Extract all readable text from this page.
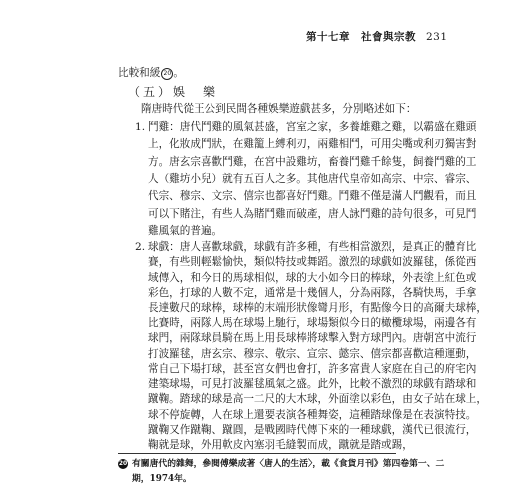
第十七章　社會與宗教 231
比較和緩 20 。
（五）娛　樂
隋唐時代從王公到民間各種娛樂遊戲甚多，分別略述如下：
1. 鬥雞：唐代鬥雞的風氣甚盛，宮室之家，多養雄雞之雞，以霸盛在雞頭
上，化妝成鬥狀，在雞籠上縛利刃，兩雞相鬥，可用尖嘴或利刃獨害對
方。唐玄宗喜歡鬥雞，在宮中設雞坊，畜養鬥雞千餘隻，飼養鬥雞的工
人（雞坊小兒）就有五百人之多。其他唐代皇帝如高宗、中宗、睿宗、
代宗、穆宗、文宗、僖宗也都喜好鬥雞。鬥雞不僅是滿人鬥觀看，而且
可以下賭注，有些人為賭鬥雞而破產，唐人詠鬥雞的詩句很多，可見鬥
雞風氣的普遍。
2. 球戲：唐人喜歡球戲，球戲有許多種，有些相當激烈，是真正的體育比
賽，有些則輕鬆愉快，類似特技或舞蹈。激烈的球戲如波羅毬，係從西
域傳入，和今日的馬球相似，球的大小如今日的棒球，外表塗上紅色或
彩色，打球的人數不定，通常是十幾個人，分為兩隊，各騎快馬，手拿
長達數尺的球棒，球棒的末端形狀像彎月形，有點像今日的高爾夫球棒，
比賽時，兩隊人馬在球場上馳行，球場類似今日的橄欖球場，兩邊各有
球門，兩隊球員騎在馬上用長球棒將球擊入對方球門內。唐朝宮中流行
打波羅毬，唐玄宗、穆宗、敬宗、宣宗、懿宗、僖宗都喜歡這種運動，
常自己下場打球，甚至宮女們也會打，許多富貴人家庭在自己的府宅內
建築球場，可見打波羅毬風氣之盛。此外，比較不激烈的球戲有踏球和
蹴鞠。踏球的球是高一二尺的大木球，外面塗以彩色，由女子站在球上，
球不停旋轉，人在球上還要表演各種舞姿，這種踏球像是在表演特技。
蹴鞠又作蹴鞠、蹴圓，是戰國時代傳下來的一種球戲，漢代已很流行，
鞠就是球，外用軟皮內塞羽毛縫製而成，蹴就是踏或踢，
20 有關唐代的雜舞，參閱傅樂成著〈唐人的生活〉，載《食貨月刊》第四卷第一、二
期，1974年。
